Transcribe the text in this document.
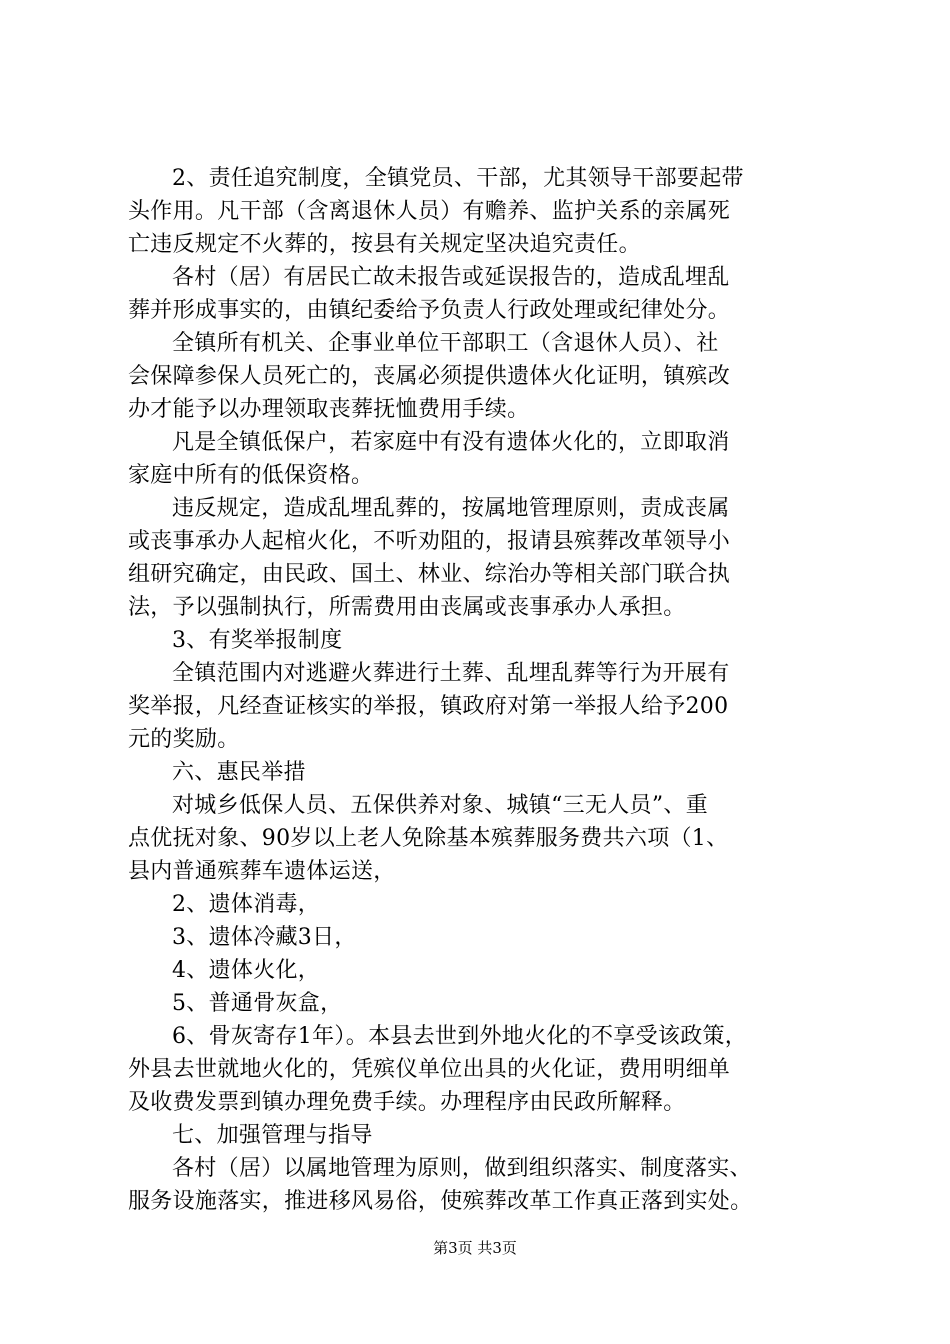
2、责任追究制度，全镇党员、干部，尤其领导干部要起带
头作用。凡干部（含离退休人员）有赡养、监护关系的亲属死
亡违反规定不火葬的，按县有关规定坚决追究责任。
各村（居）有居民亡故未报告或延误报告的，造成乱埋乱
葬并形成事实的，由镇纪委给予负责人行政处理或纪律处分。
全镇所有机关、企事业单位干部职工（含退休人员）、社
会保障参保人员死亡的，丧属必须提供遗体火化证明，镇殡改
办才能予以办理领取丧葬抚恤费用手续。
凡是全镇低保户，若家庭中有没有遗体火化的，立即取消
家庭中所有的低保资格。
违反规定，造成乱埋乱葬的，按属地管理原则，责成丧属
或丧事承办人起棺火化，不听劝阻的，报请县殡葬改革领导小
组研究确定，由民政、国土、林业、综治办等相关部门联合执
法，予以强制执行，所需费用由丧属或丧事承办人承担。
3、有奖举报制度
全镇范围内对逃避火葬进行土葬、乱埋乱葬等行为开展有
奖举报，凡经查证核实的举报，镇政府对第一举报人给予200
元的奖励。
六、惠民举措
对城乡低保人员、五保供养对象、城镇“三无人员”、重
点优抚对象、90岁以上老人免除基本殡葬服务费共六项（1、
县内普通殡葬车遗体运送，
2、遗体消毒，
3、遗体冷藏3日，
4、遗体火化，
5、普通骨灰盒，
6、骨灰寄存1年）。本县去世到外地火化的不享受该政策，
外县去世就地火化的，凭殡仪单位出具的火化证，费用明细单
及收费发票到镇办理免费手续。办理程序由民政所解释。
七、加强管理与指导
各村（居）以属地管理为原则，做到组织落实、制度落实、
服务设施落实，推进移风易俗，使殡葬改革工作真正落到实处。
第3页 共3页
